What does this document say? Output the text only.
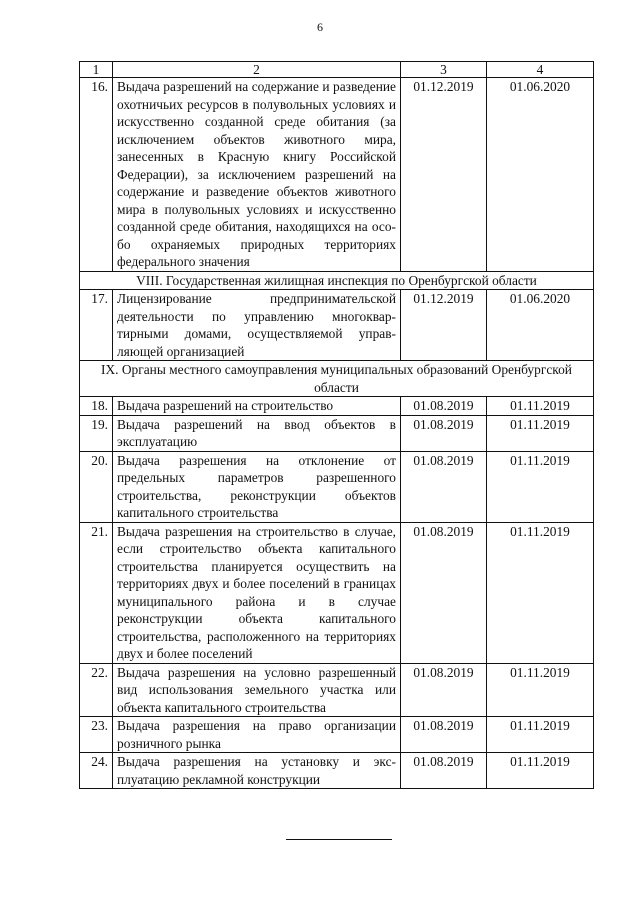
6
1	2	3	4
16.	Выдача разрешений на содержание и разведение охотничьих ресурсов в полувольных условиях и искусственно созданной среде обитания (за исключением объектов животного мира, занесенных в Красную книгу Российской Федерации), за исключением разрешений на содержание и разведение объектов животного мира в полувольных условиях и искусственно созданной среде обитания, находящихся на особо охраняемых природных территориях федерального значения	01.12.2019	01.06.2020
VIII. Государственная жилищная инспекция по Оренбургской области			
17.	Лицензирование предпринимательской деятельности по управлению многоквартирными домами, осуществляемой управляющей организацией	01.12.2019	01.06.2020
IX. Органы местного самоуправления муниципальных образований Оренбургской области			
18.	Выдача разрешений на строительство	01.08.2019	01.11.2019
19.	Выдача разрешений на ввод объектов в эксплуатацию	01.08.2019	01.11.2019
20.	Выдача разрешения на отклонение от предельных параметров разрешенного строительства, реконструкции объектов капитального строительства	01.08.2019	01.11.2019
21.	Выдача разрешения на строительство в случае, если строительство объекта капитального строительства планируется осуществить на территориях двух и более поселений в границах муниципального района и в случае реконструкции объекта капитального строительства, расположенного на территориях двух и более поселений	01.08.2019	01.11.2019
22.	Выдача разрешения на условно разрешенный вид использования земельного участка или объекта капитального строительства	01.08.2019	01.11.2019
23.	Выдача разрешения на право организации розничного рынка	01.08.2019	01.11.2019
24.	Выдача разрешения на установку и эксплуатацию рекламной конструкции	01.08.2019	01.11.2019
